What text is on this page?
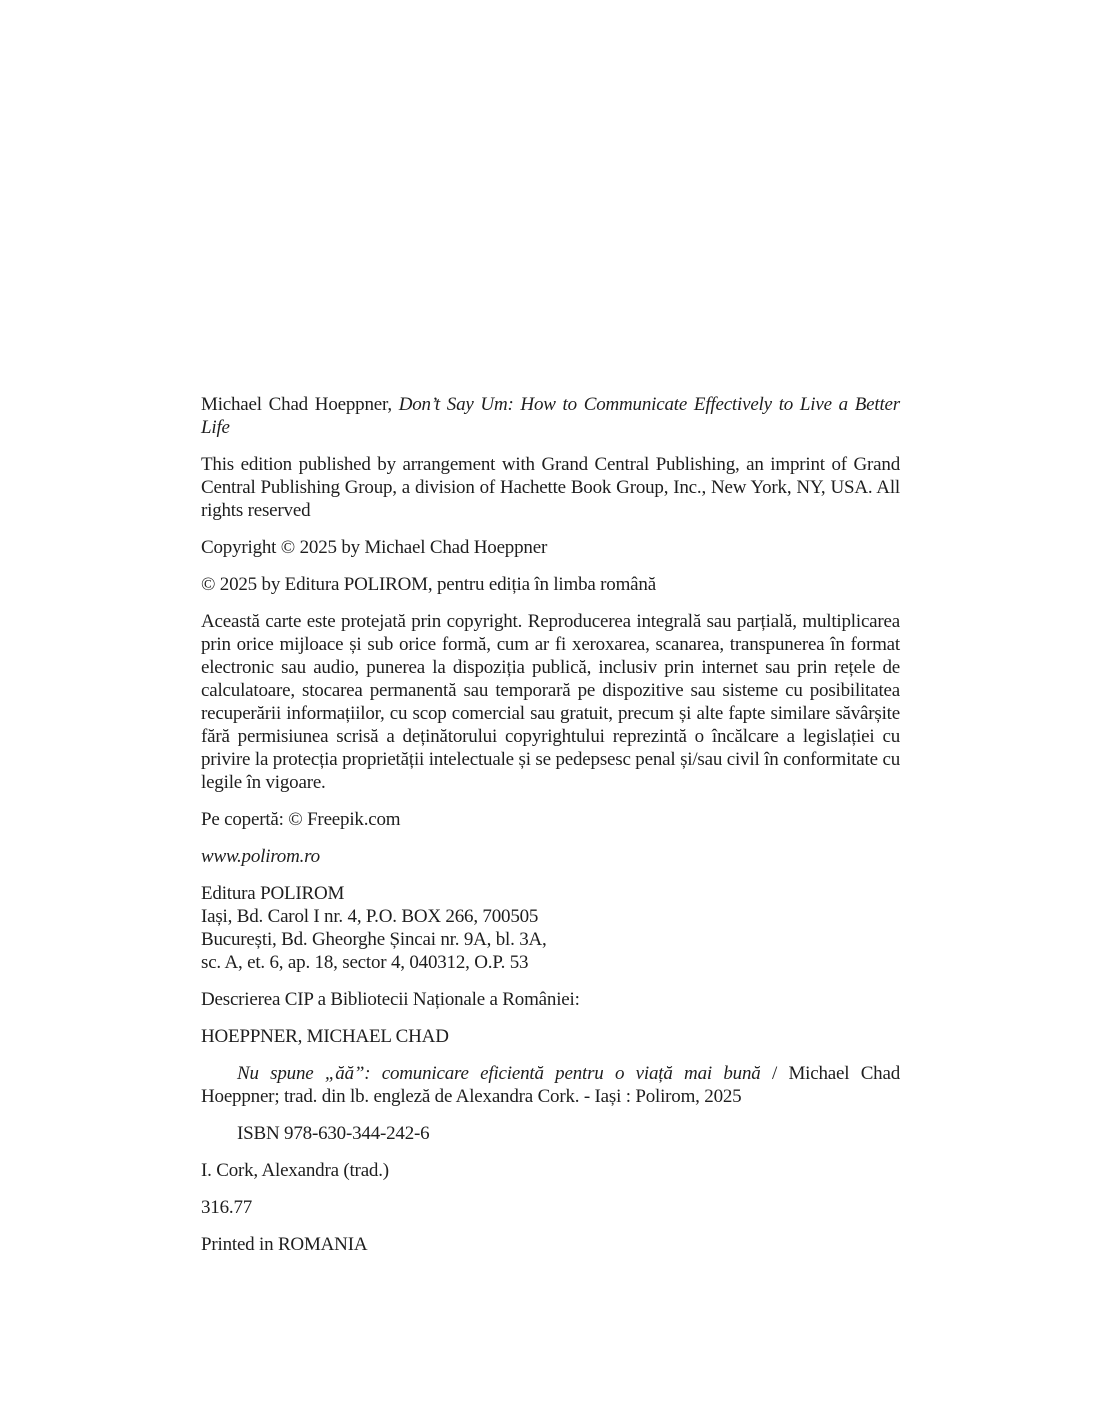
Michael Chad Hoeppner, Don’t Say Um: How to Communicate Effectively to Live a Better Life

This edition published by arrangement with Grand Central Publishing, an imprint of Grand Central Publishing Group, a division of Hachette Book Group, Inc., New York, NY, USA. All rights reserved

Copyright © 2025 by Michael Chad Hoeppner

© 2025 by Editura POLIROM, pentru ediția în limba română

Această carte este protejată prin copyright. Reproducerea integrală sau parțială, multiplicarea prin orice mijloace și sub orice formă, cum ar fi xeroxarea, scanarea, transpunerea în format electronic sau audio, punerea la dispoziția publică, inclusiv prin internet sau prin rețele de calculatoare, stocarea permanentă sau temporară pe dispozitive sau sisteme cu posibilitatea recuperării informațiilor, cu scop comercial sau gratuit, precum și alte fapte similare săvârșite fără permisiunea scrisă a deținătorului copyrightului reprezintă o încălcare a legislației cu privire la protecția proprietății intelectuale și se pedepsesc penal și/sau civil în conformitate cu legile în vigoare.

Pe copertă: © Freepik.com

www.polirom.ro

Editura POLIROM
Iași, Bd. Carol I nr. 4, P.O. BOX 266, 700505
București, Bd. Gheorghe Șincai nr. 9A, bl. 3A,
sc. A, et. 6, ap. 18, sector 4, 040312, O.P. 53

Descrierea CIP a Bibliotecii Naționale a României:

HOEPPNER, MICHAEL CHAD

Nu spune „ăă”: comunicare eficientă pentru o viață mai bună / Michael Chad Hoeppner; trad. din lb. engleză de Alexandra Cork. - Iași : Polirom, 2025

ISBN 978-630-344-242-6

I. Cork, Alexandra (trad.)

316.77

Printed in ROMANIA
